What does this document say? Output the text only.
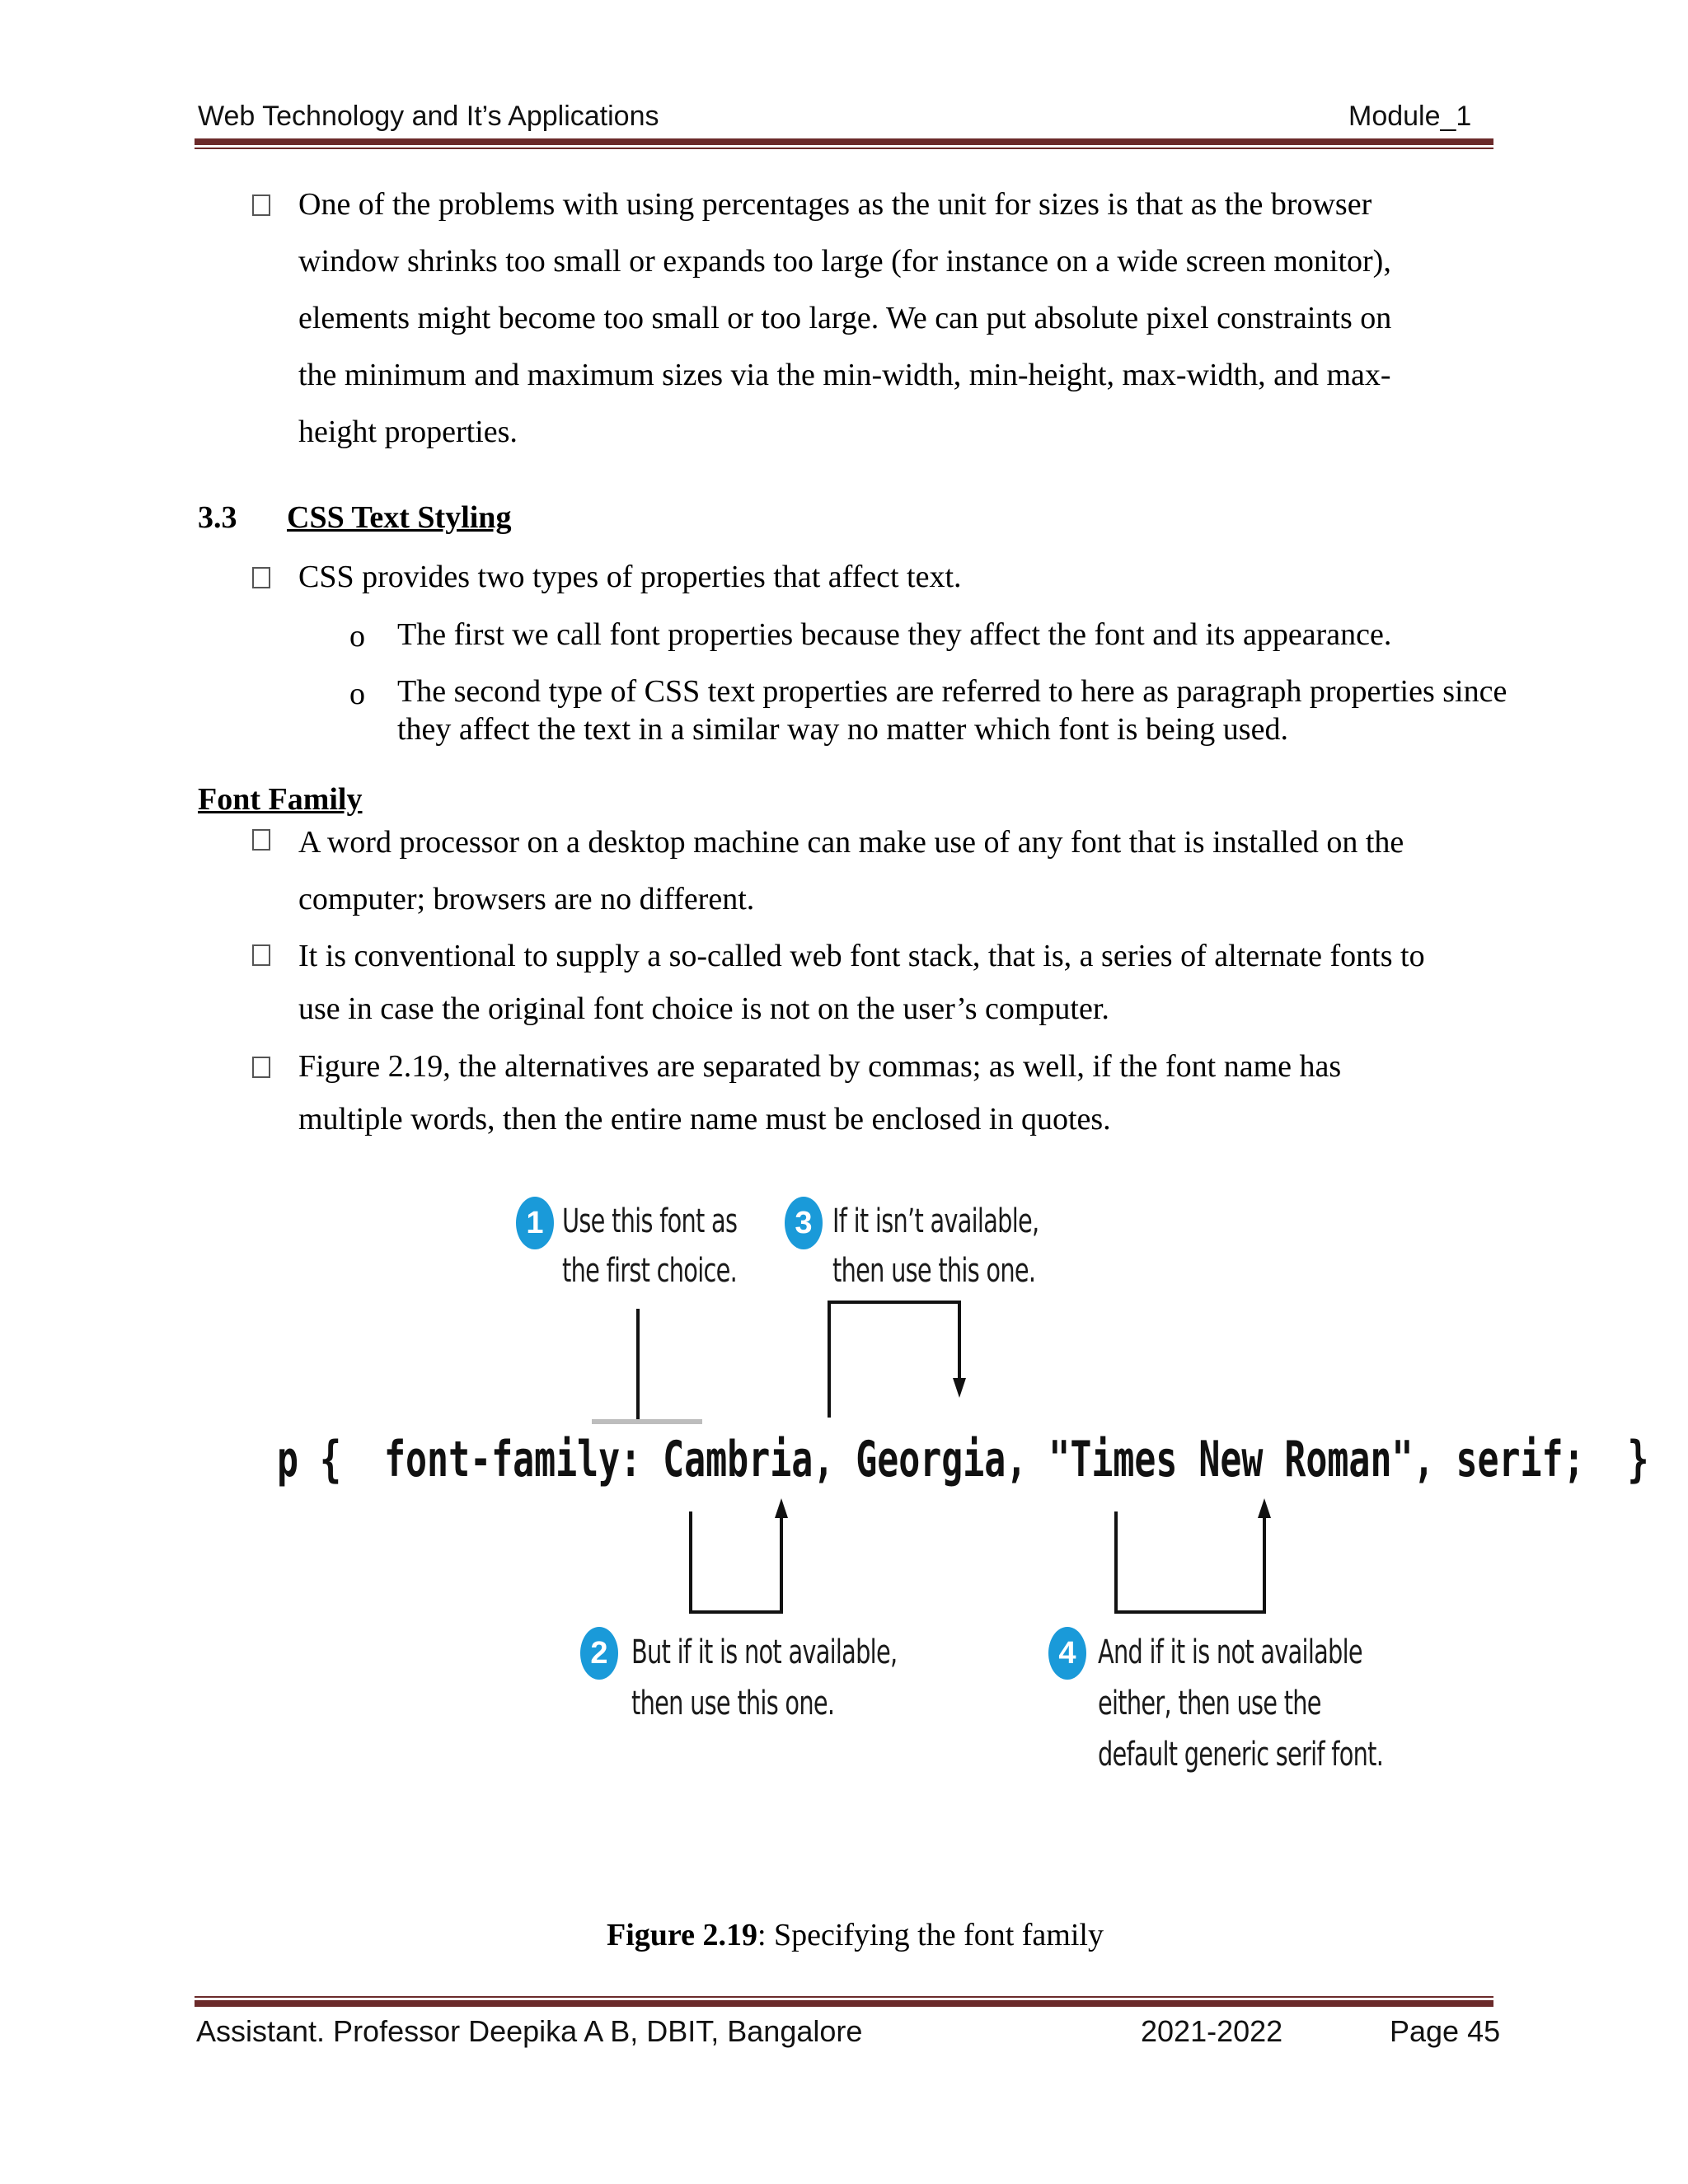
Web Technology and It’s Applications	Module_1
One of the problems with using percentages as the unit for sizes is that as the browser
window shrinks too small or expands too large (for instance on a wide screen monitor),
elements might become too small or too large. We can put absolute pixel constraints on
the minimum and maximum sizes via the min-width, min-height, max-width, and max-
height properties.
3.3 CSS Text Styling
CSS provides two types of properties that affect text.
o The first we call font properties because they affect the font and its appearance.
o The second type of CSS text properties are referred to here as paragraph properties since
they affect the text in a similar way no matter which font is being used.
Font Family
A word processor on a desktop machine can make use of any font that is installed on the
computer; browsers are no different.
It is conventional to supply a so-called web font stack, that is, a series of alternate fonts to
use in case the original font choice is not on the user’s computer.
Figure 2.19, the alternatives are separated by commas; as well, if the font name has
multiple words, then the entire name must be enclosed in quotes.
1 Use this font as
the first choice.
3 If it isn’t available,
then use this one.
p {  font-family: Cambria, Georgia, "Times New Roman", serif;  }
2 But if it is not available,
then use this one.
4 And if it is not available
either, then use the
default generic serif font.
Figure 2.19: Specifying the font family
Assistant. Professor Deepika A B, DBIT, Bangalore	2021-2022	Page 45
